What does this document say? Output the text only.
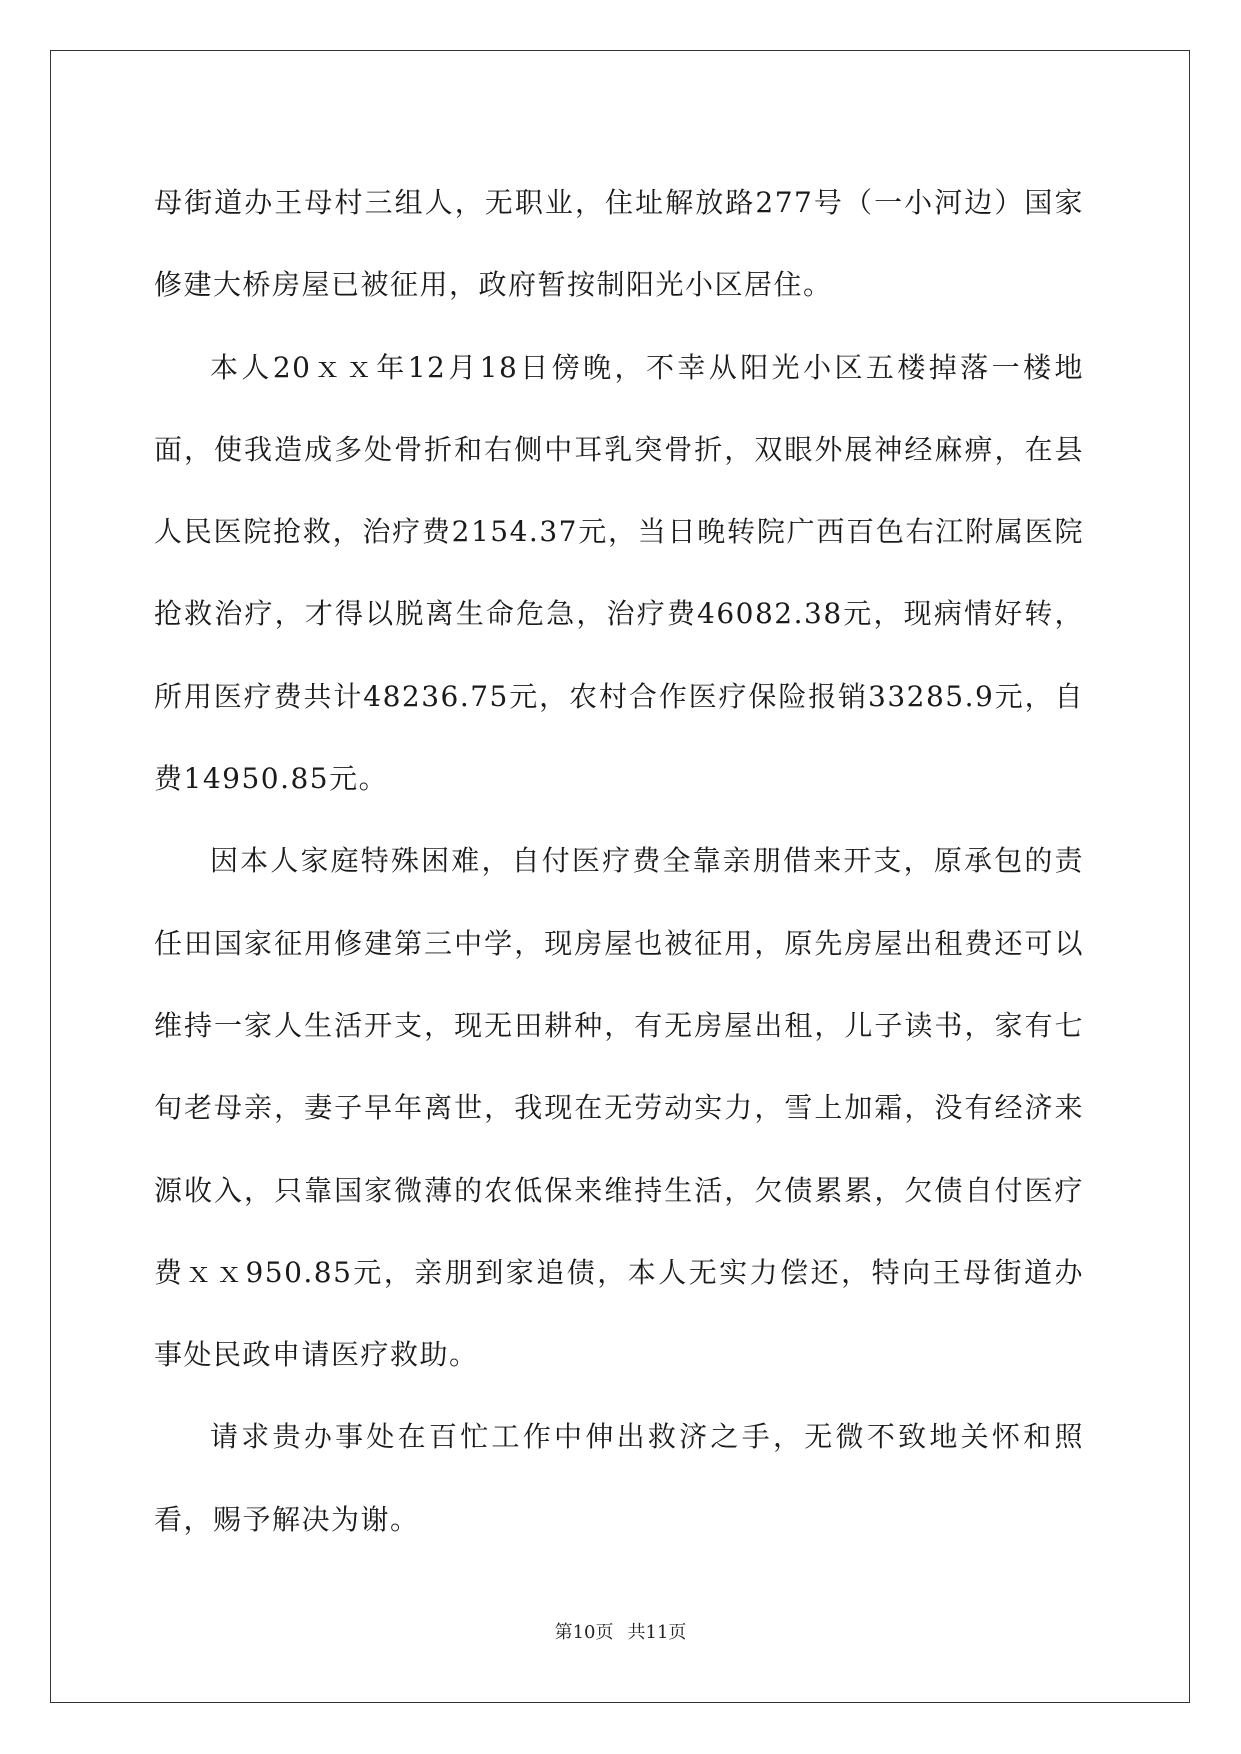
母街道办王母村三组人，无职业，住址解放路277号（一小河边）国家修建大桥房屋已被征用，政府暂按制阳光小区居住。

本人20ｘｘ年12月18日傍晚，不幸从阳光小区五楼掉落一楼地面，使我造成多处骨折和右侧中耳乳突骨折，双眼外展神经麻痹，在县人民医院抢救，治疗费2154.37元，当日晚转院广西百色右江附属医院抢救治疗，才得以脱离生命危急，治疗费46082.38元，现病情好转，所用医疗费共计48236.75元，农村合作医疗保险报销33285.9元，自费14950.85元。

因本人家庭特殊困难，自付医疗费全靠亲朋借来开支，原承包的责任田国家征用修建第三中学，现房屋也被征用，原先房屋出租费还可以维持一家人生活开支，现无田耕种，有无房屋出租，儿子读书，家有七旬老母亲，妻子早年离世，我现在无劳动实力，雪上加霜，没有经济来源收入，只靠国家微薄的农低保来维持生活，欠债累累，欠债自付医疗费ｘｘ950.85元，亲朋到家追债，本人无实力偿还，特向王母街道办事处民政申请医疗救助。

请求贵办事处在百忙工作中伸出救济之手，无微不致地关怀和照看，赐予解决为谢。

第10页 共11页
